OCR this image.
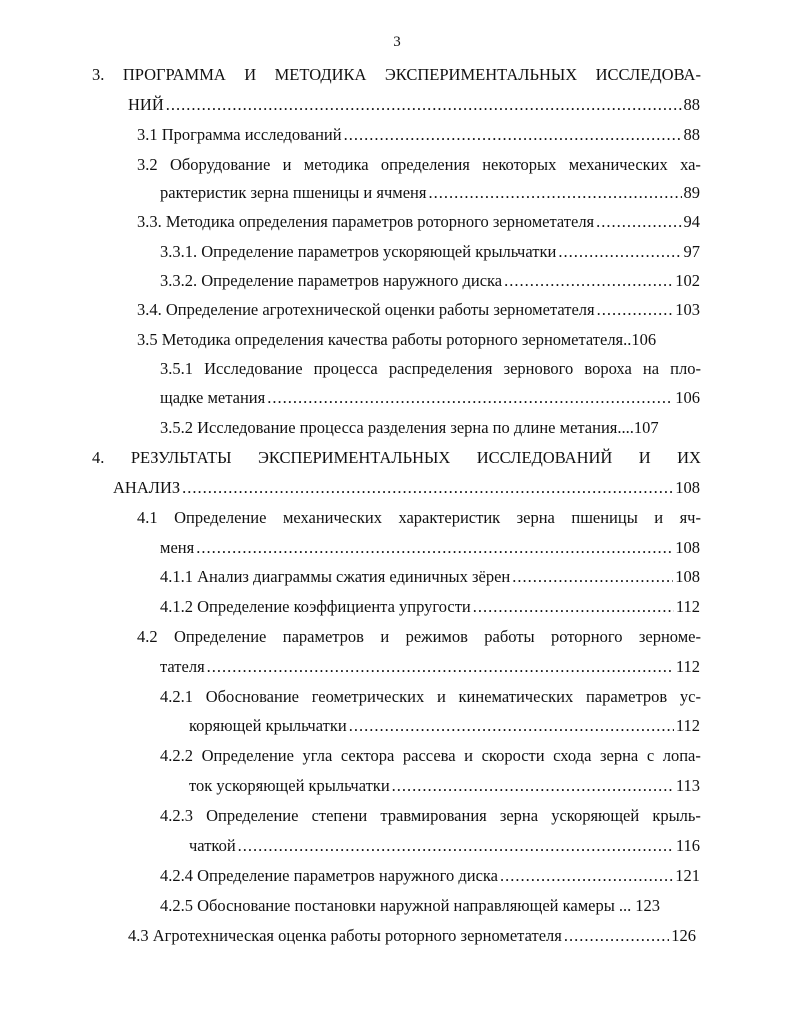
3
3. ПРОГРАММА И МЕТОДИКА ЭКСПЕРИМЕНТАЛЬНЫХ ИССЛЕДОВА-
НИЙ .....	88
3.1 Программа исследований .....	88
3.2 Оборудование и методика определения некоторых механических ха-
рактеристик зерна пшеницы и ячменя .....	89
3.3. Методика определения параметров роторного зернометателя .....	94
3.3.1. Определение параметров ускоряющей крыльчатки .....	97
3.3.2. Определение параметров наружного диска .....	102
3.4. Определение агротехнической оценки работы зернометателя .....	103
3.5 Методика определения качества работы роторного зернометателя.. 106
3.5.1 Исследование процесса распределения зернового вороха на пло-
щадке метания .....	106
3.5.2 Исследование процесса разделения зерна по длине метания.... 107
4. РЕЗУЛЬТАТЫ ЭКСПЕРИМЕНТАЛЬНЫХ ИССЛЕДОВАНИЙ И ИХ
АНАЛИЗ .....	108
4.1 Определение механических характеристик зерна пшеницы и яч-
меня .....	108
4.1.1 Анализ диаграммы сжатия единичных зёрен .....	108
4.1.2 Определение коэффициента упругости .....	112
4.2 Определение параметров и режимов работы роторного зерноме-
тателя .....	112
4.2.1 Обоснование геометрических и кинематических параметров ус-
коряющей крыльчатки .....	112
4.2.2 Определение угла сектора рассева и скорости схода зерна с лопа-
ток ускоряющей крыльчатки .....	113
4.2.3 Определение степени травмирования зерна ускоряющей крыль-
чаткой .....	116
4.2.4 Определение параметров наружного диска .....	121
4.2.5 Обоснование постановки наружной направляющей камеры ... 123
4.3 Агротехническая оценка работы роторного зернометателя .....	126
